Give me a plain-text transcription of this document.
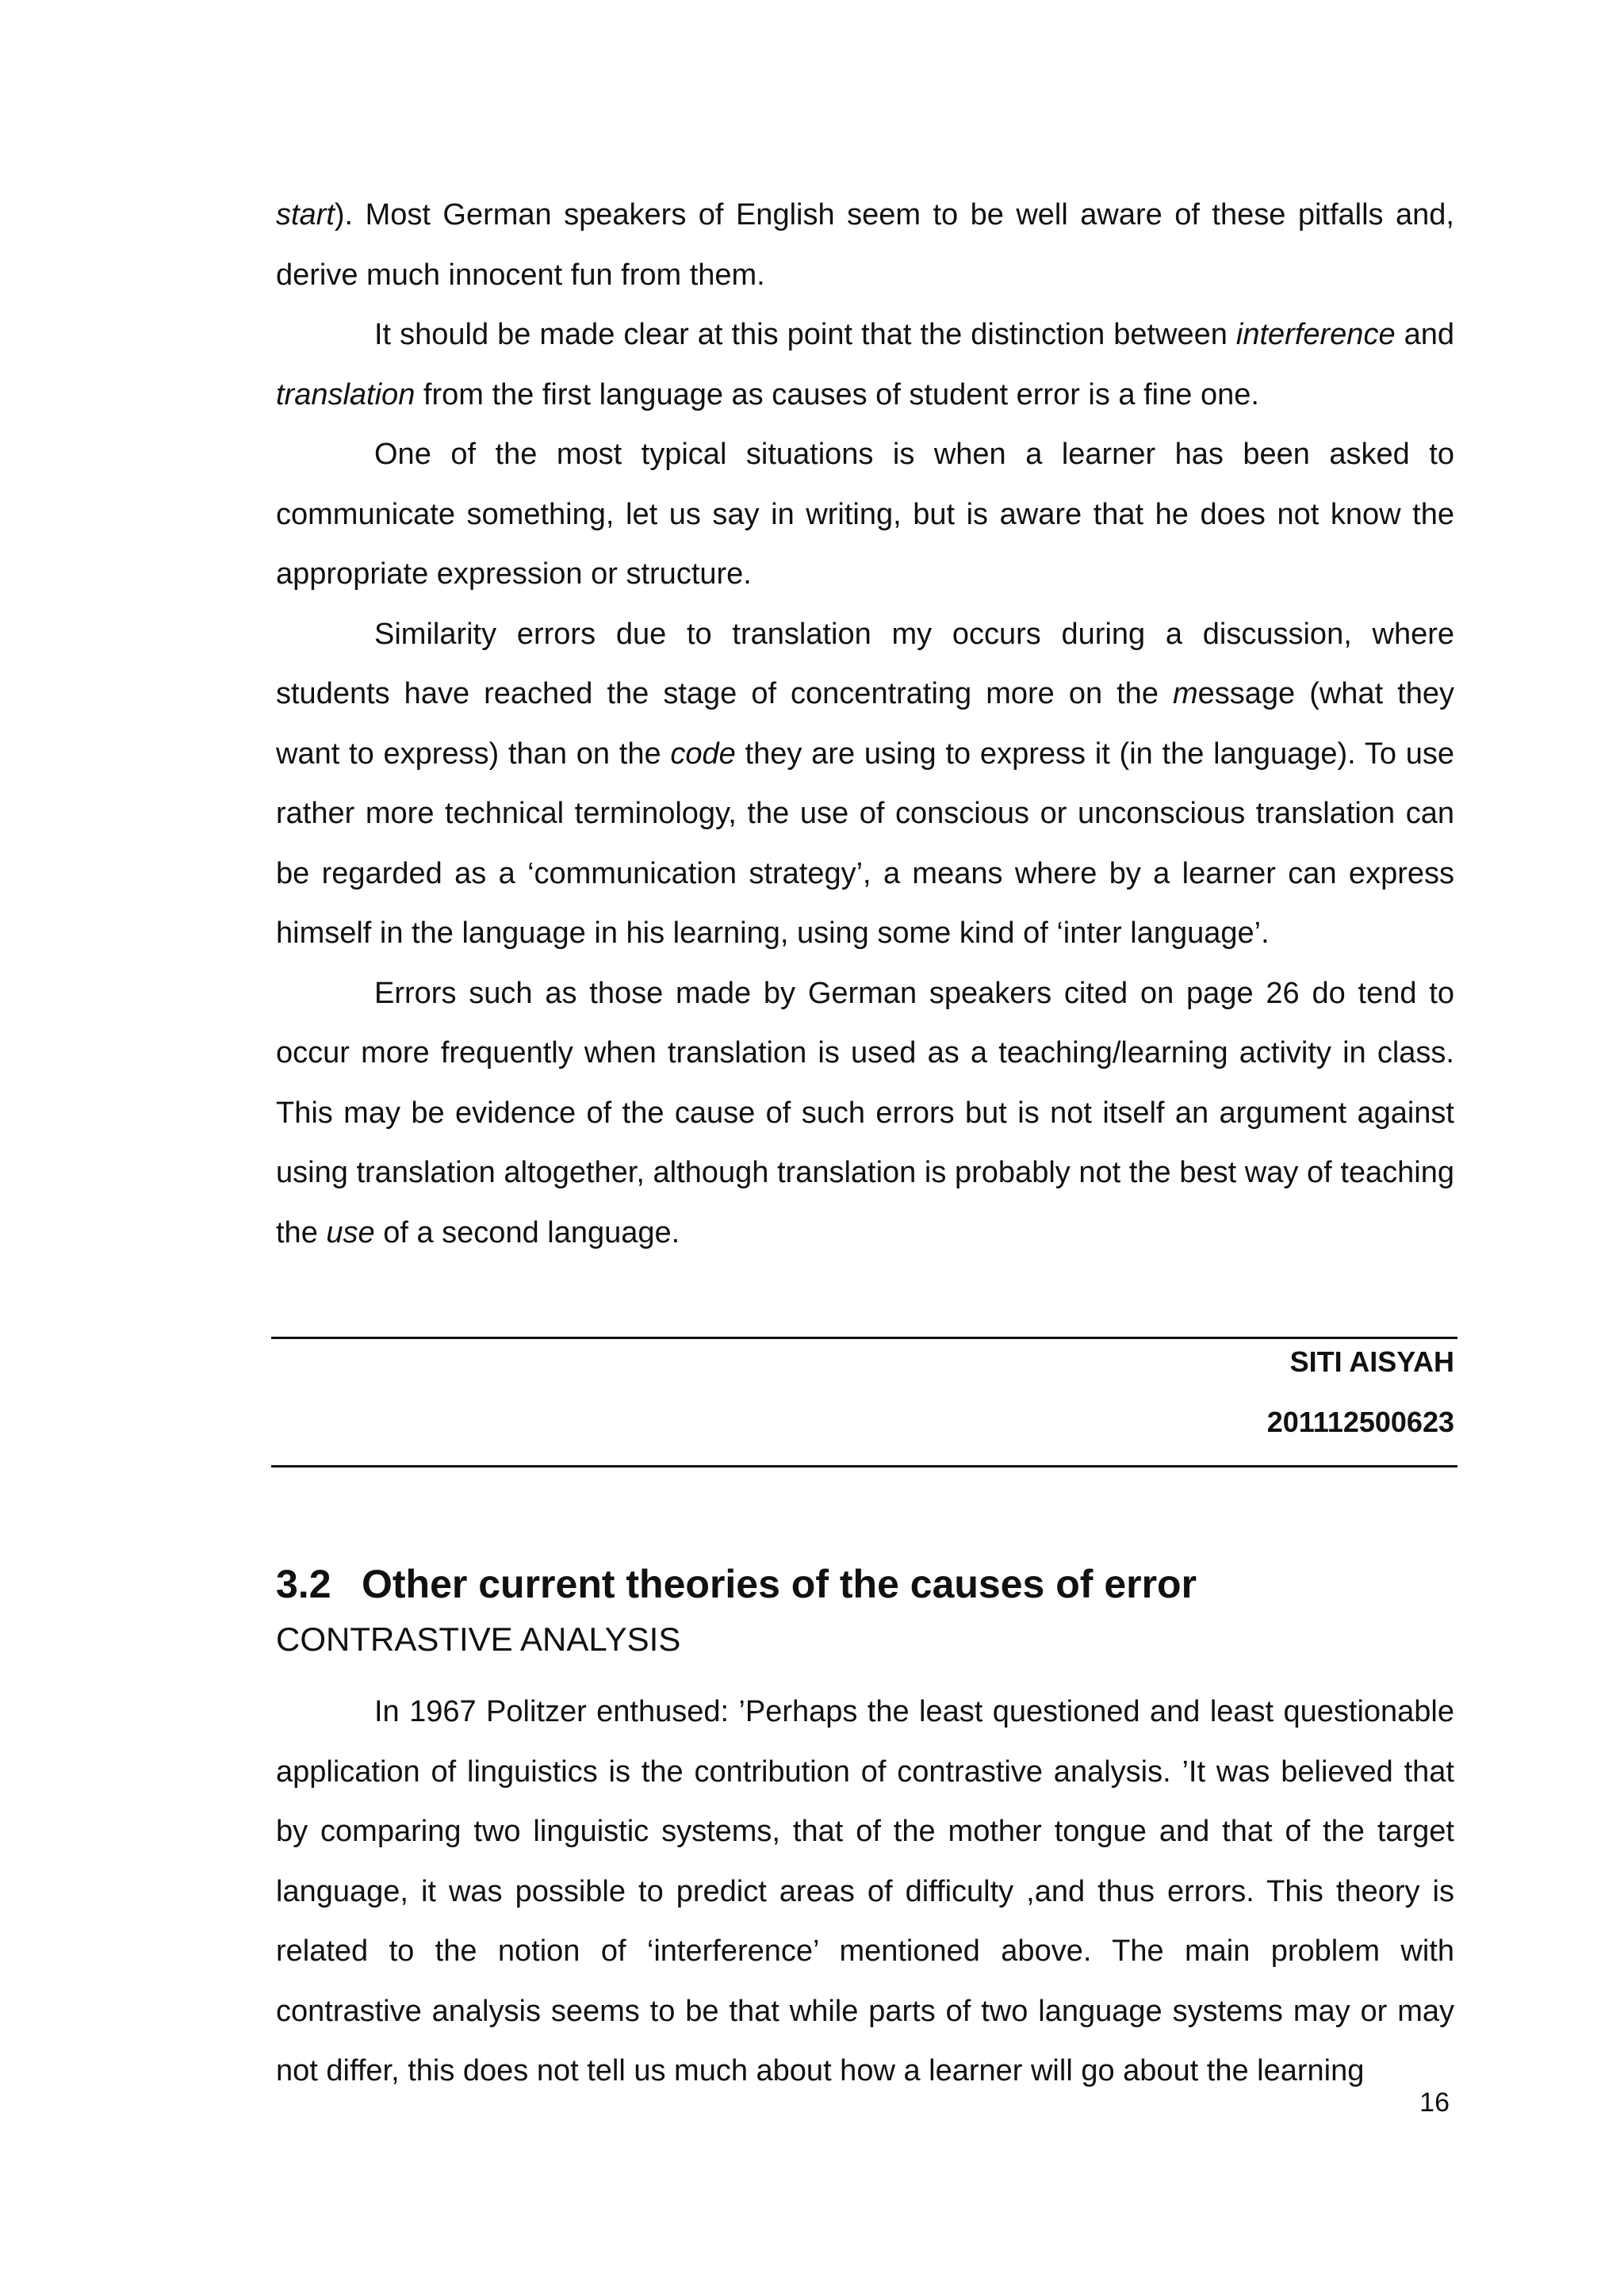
start). Most German speakers of English seem to be well aware of these pitfalls and, derive much innocent fun from them.

It should be made clear at this point that the distinction between interference and translation from the first language as causes of student error is a fine one.

One of the most typical situations is when a learner has been asked to communicate something, let us say in writing, but is aware that he does not know the appropriate expression or structure.

Similarity errors due to translation my occurs during a discussion, where students have reached the stage of concentrating more on the message (what they want to express) than on the code they are using to express it (in the language). To use rather more technical terminology, the use of conscious or unconscious translation can be regarded as a ‘communication strategy’, a means where by a learner can express himself in the language in his learning, using some kind of ‘inter language’.

Errors such as those made by German speakers cited on page 26 do tend to occur more frequently when translation is used as a teaching/learning activity in class. This may be evidence of the cause of such errors but is not itself an argument against using translation altogether, although translation is probably not the best way of teaching the use of a second language.

SITI AISYAH
201112500623
3.2 Other current theories of the causes of error
CONTRASTIVE ANALYSIS

In 1967 Politzer enthused: ’Perhaps the least questioned and least questionable application of linguistics is the contribution of contrastive analysis. ’It was believed that by comparing two linguistic systems, that of the mother tongue and that of the target language, it was possible to predict areas of difficulty ,and thus errors. This theory is related to the notion of ‘interference’ mentioned above. The main problem with contrastive analysis seems to be that while parts of two language systems may or may not differ, this does not tell us much about how a learner will go about the learning

16
